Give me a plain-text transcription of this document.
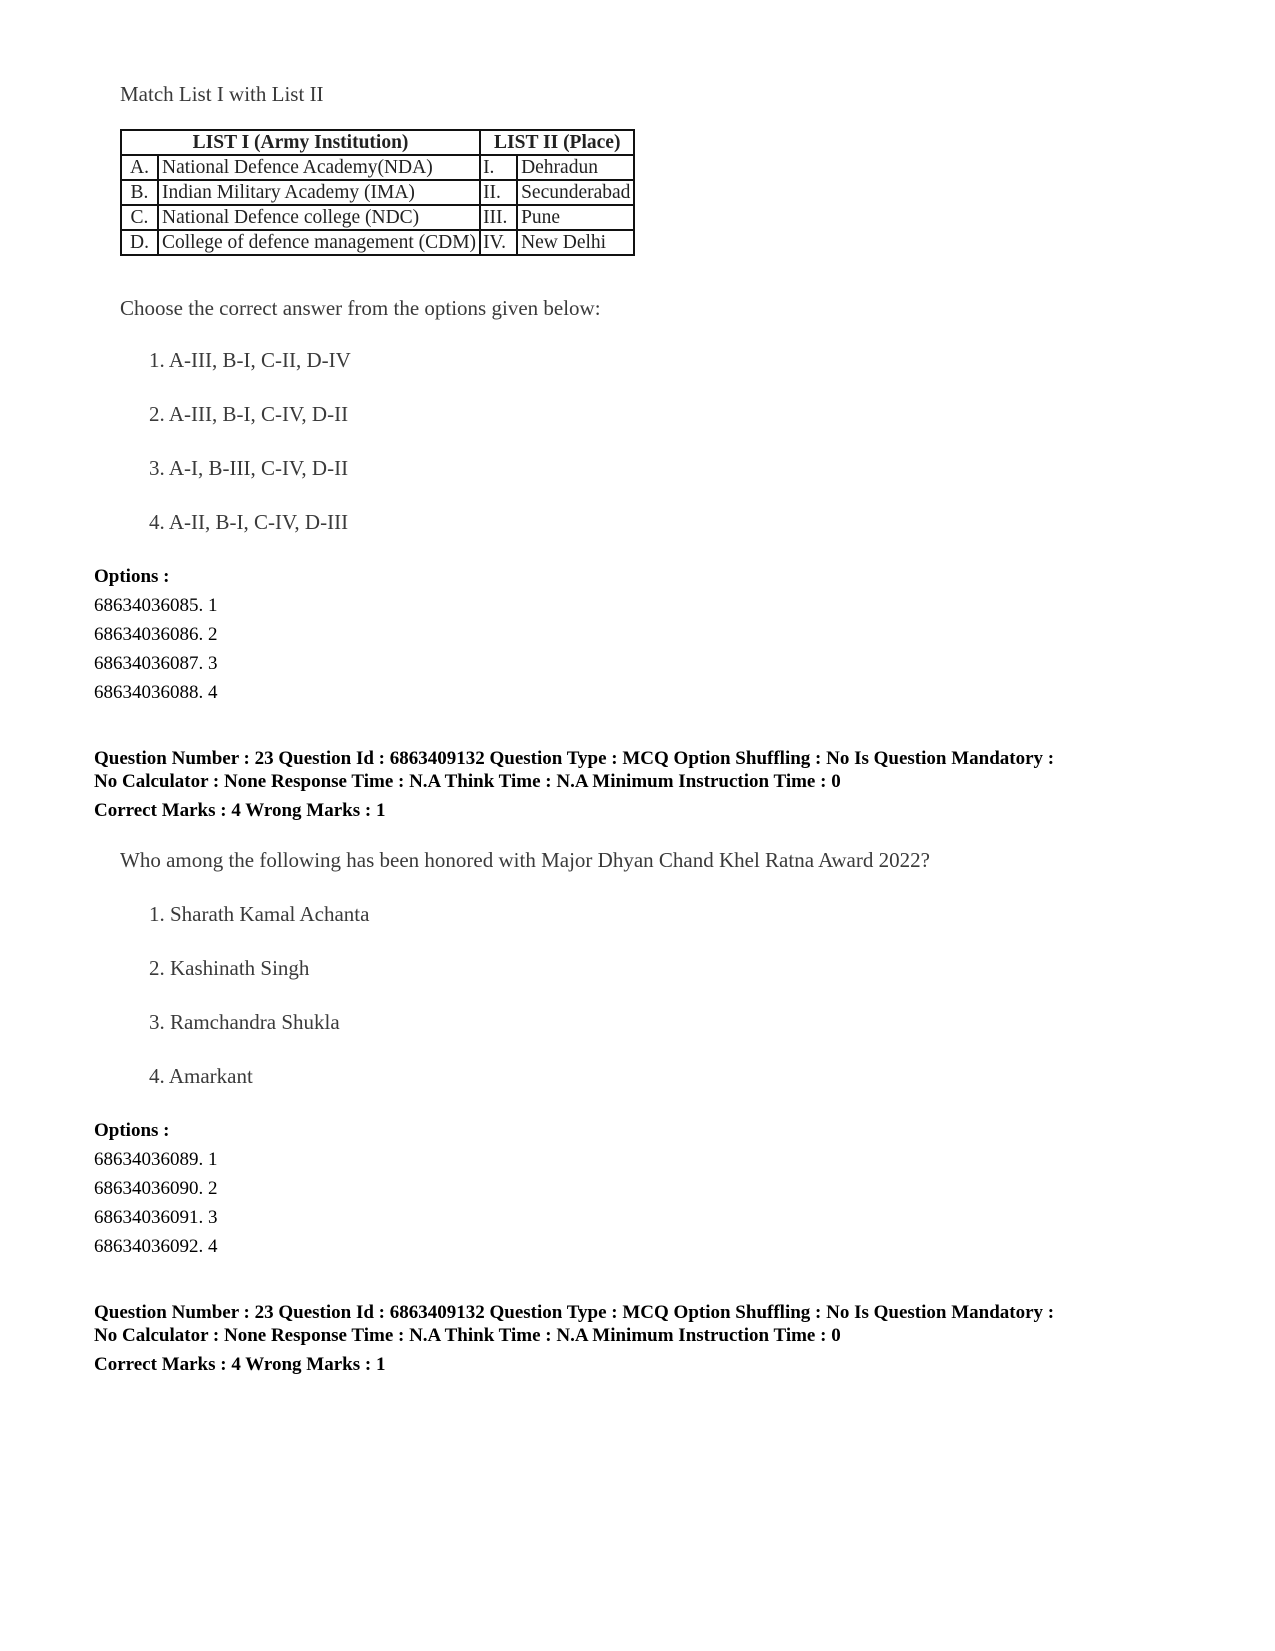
Match List I with List II

LIST I (Army Institution)		LIST II (Place)	
A.	National Defence Academy(NDA)	I.	Dehradun
B.	Indian Military Academy (IMA)	II.	Secunderabad
C.	National Defence college (NDC)	III.	Pune
D.	College of defence management (CDM)	IV.	New Delhi

Choose the correct answer from the options given below:

1. A-III, B-I, C-II, D-IV

2. A-III, B-I, C-IV, D-II

3. A-I, B-III, C-IV, D-II

4. A-II, B-I, C-IV, D-III

Options :

68634036085. 1

68634036086. 2

68634036087. 3

68634036088. 4

Question Number : 23 Question Id : 6863409132 Question Type : MCQ Option Shuffling : No Is Question Mandatory :

No Calculator : None Response Time : N.A Think Time : N.A Minimum Instruction Time : 0

Correct Marks : 4 Wrong Marks : 1

Who among the following has been honored with Major Dhyan Chand Khel Ratna Award 2022?

1. Sharath Kamal Achanta

2. Kashinath Singh

3. Ramchandra Shukla

4. Amarkant

Options :

68634036089. 1

68634036090. 2

68634036091. 3

68634036092. 4

Question Number : 23 Question Id : 6863409132 Question Type : MCQ Option Shuffling : No Is Question Mandatory :

No Calculator : None Response Time : N.A Think Time : N.A Minimum Instruction Time : 0

Correct Marks : 4 Wrong Marks : 1
